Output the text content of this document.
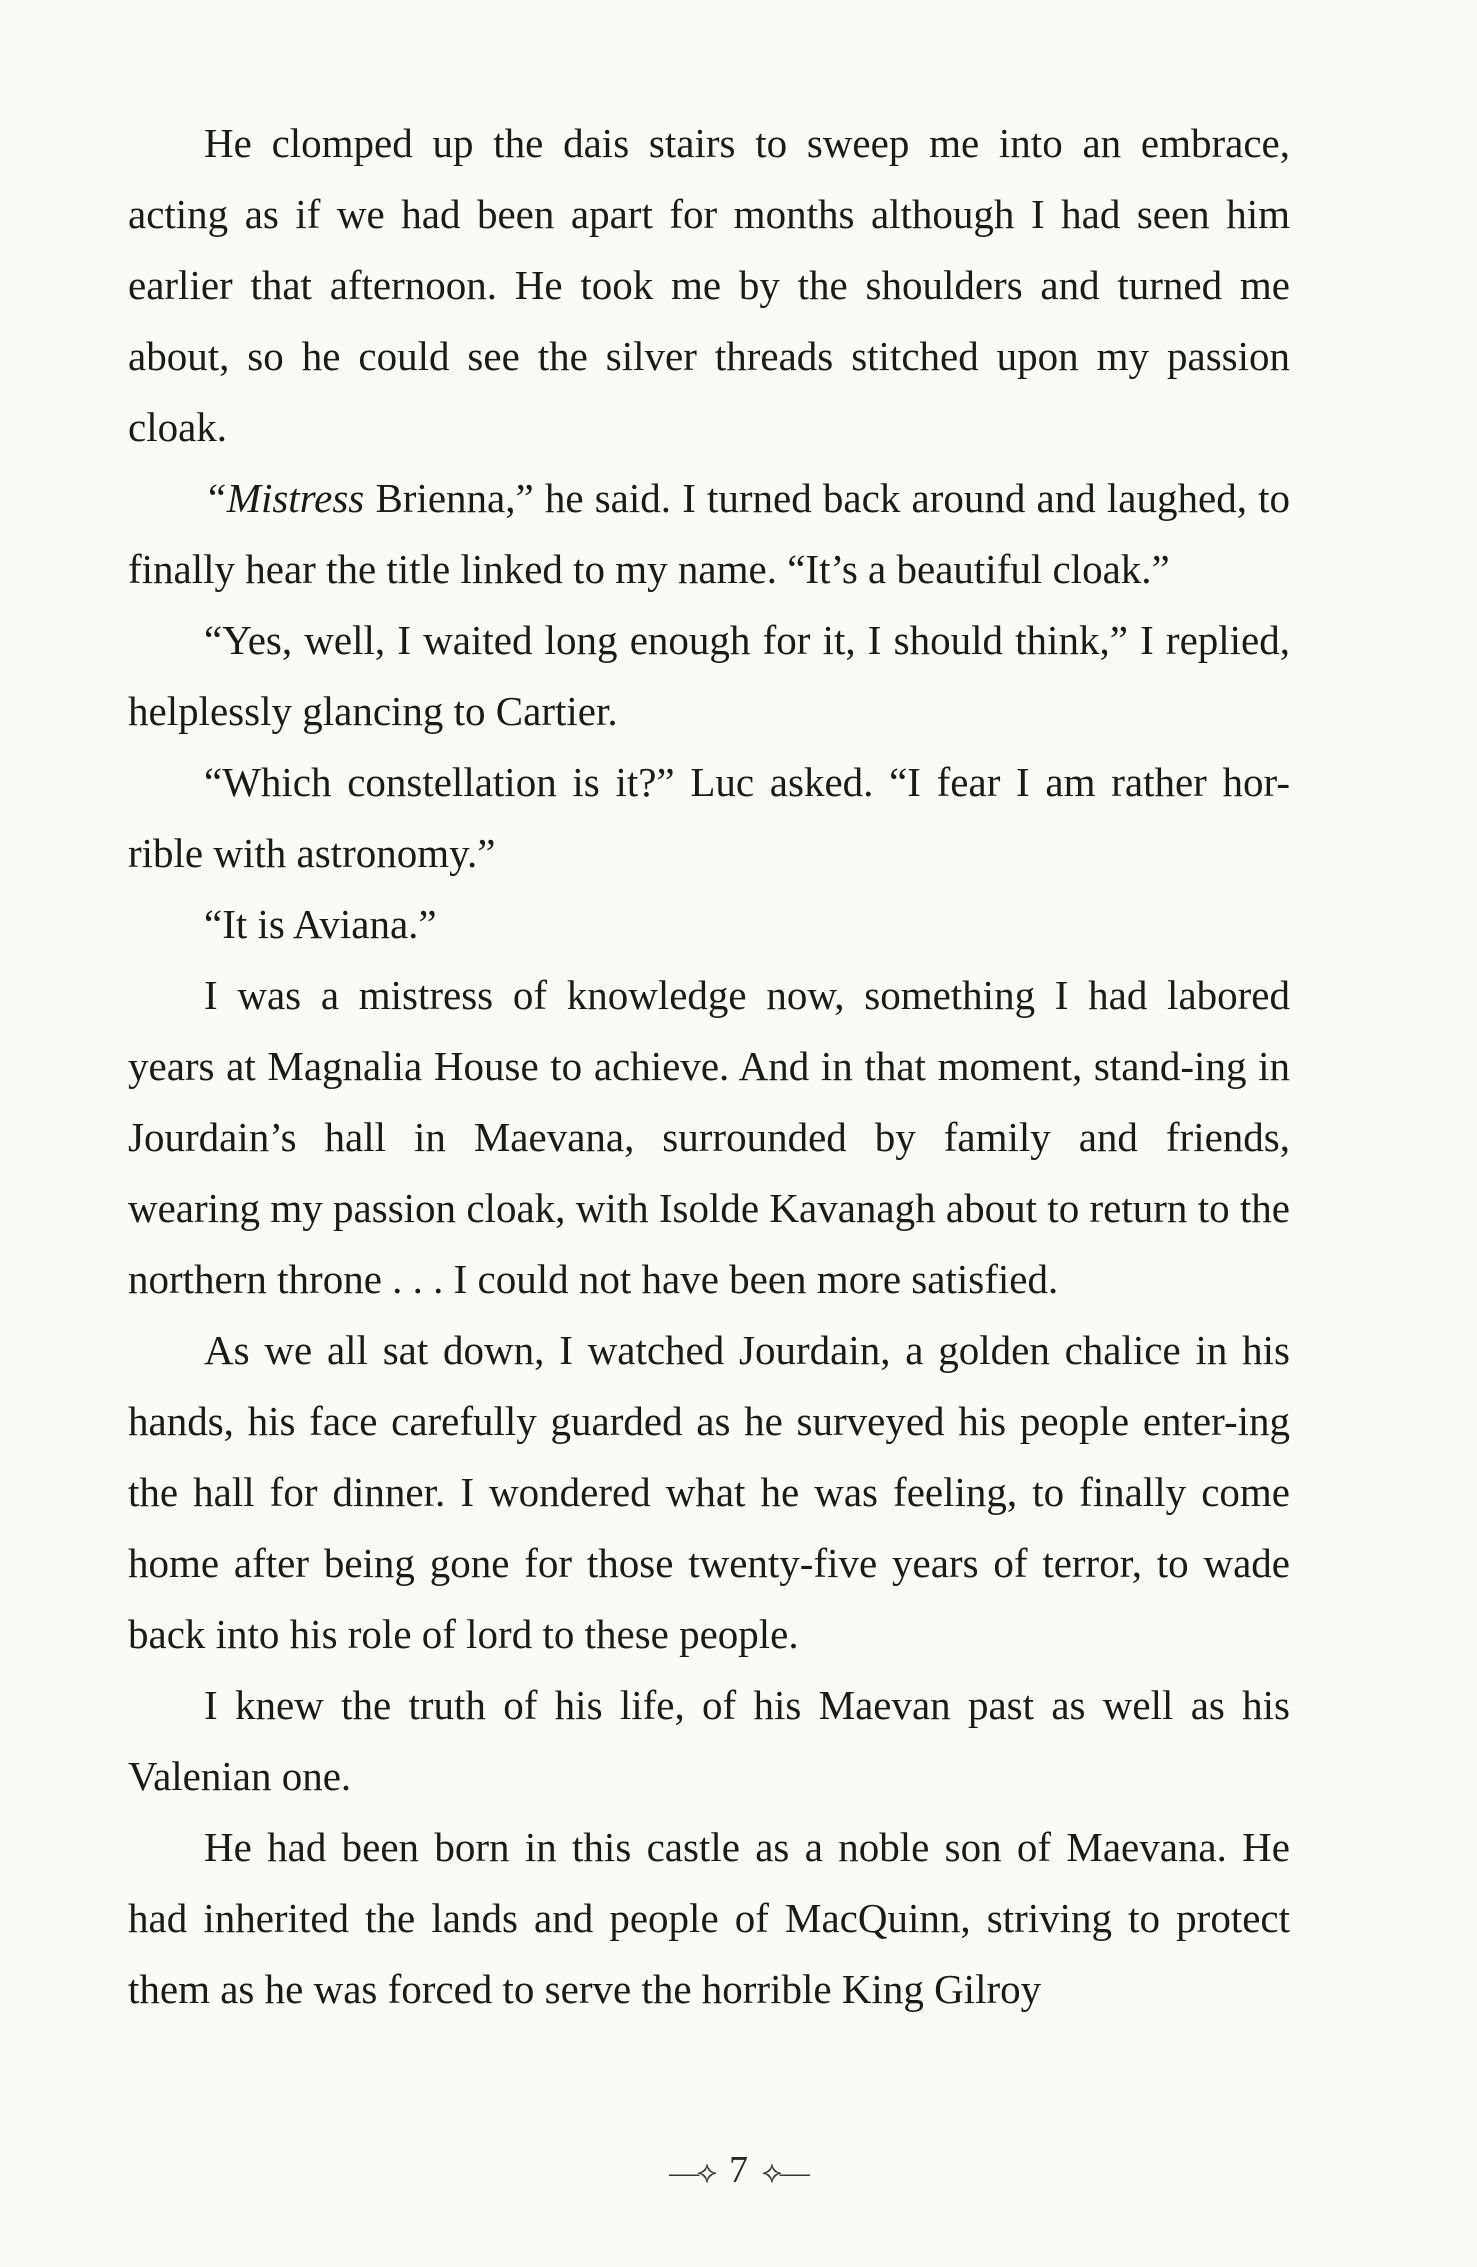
He clomped up the dais stairs to sweep me into an embrace, acting as if we had been apart for months although I had seen him earlier that afternoon. He took me by the shoulders and turned me about, so he could see the silver threads stitched upon my passion cloak.

“Mistress Brienna,” he said. I turned back around and laughed, to finally hear the title linked to my name. “It’s a beautiful cloak.”

“Yes, well, I waited long enough for it, I should think,” I replied, helplessly glancing to Cartier.

“Which constellation is it?” Luc asked. “I fear I am rather hor-rible with astronomy.”

“It is Aviana.”

I was a mistress of knowledge now, something I had labored years at Magnalia House to achieve. And in that moment, stand-ing in Jourdain’s hall in Maevana, surrounded by family and friends, wearing my passion cloak, with Isolde Kavanagh about to return to the northern throne . . . I could not have been more satisfied.

As we all sat down, I watched Jourdain, a golden chalice in his hands, his face carefully guarded as he surveyed his people enter-ing the hall for dinner. I wondered what he was feeling, to finally come home after being gone for those twenty-five years of terror, to wade back into his role of lord to these people.

I knew the truth of his life, of his Maevan past as well as his Valenian one.

He had been born in this castle as a noble son of Maevana. He had inherited the lands and people of MacQuinn, striving to protect them as he was forced to serve the horrible King Gilroy

—⟡ 7 ⟡—
